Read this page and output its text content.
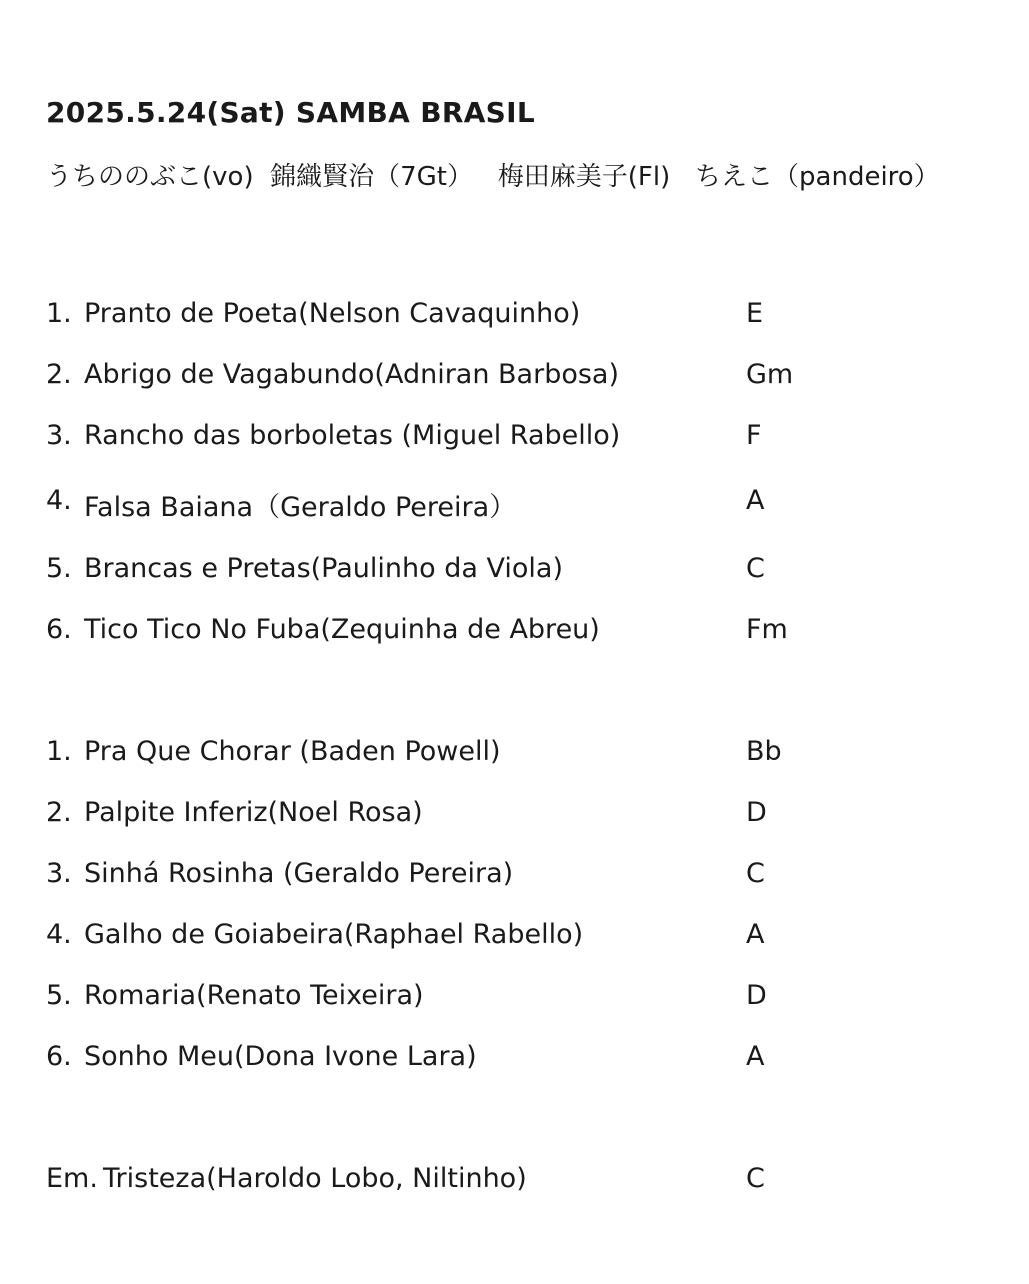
2025.5.24(Sat) SAMBA BRASIL
うちののぶこ(vo)  錦織賢治（7Gt）   梅田麻美子(Fl)   ちえこ（pandeiro）
1. Pranto de Poeta(Nelson Cavaquinho)	E
2. Abrigo de Vagabundo(Adniran Barbosa)	Gm
3. Rancho das borboletas (Miguel Rabello)	F
4. Falsa Baiana（Geraldo Pereira）	A
5. Brancas e Pretas(Paulinho da Viola)	C
6. Tico Tico No Fuba(Zequinha de Abreu)	Fm
1. Pra Que Chorar (Baden Powell)	Bb
2. Palpite Inferiz(Noel Rosa)	D
3. Sinhá Rosinha (Geraldo Pereira)	C
4. Galho de Goiabeira(Raphael Rabello)	A
5. Romaria(Renato Teixeira)	D
6. Sonho Meu(Dona Ivone Lara)	A
Em. Tristeza(Haroldo Lobo, Niltinho)	C
